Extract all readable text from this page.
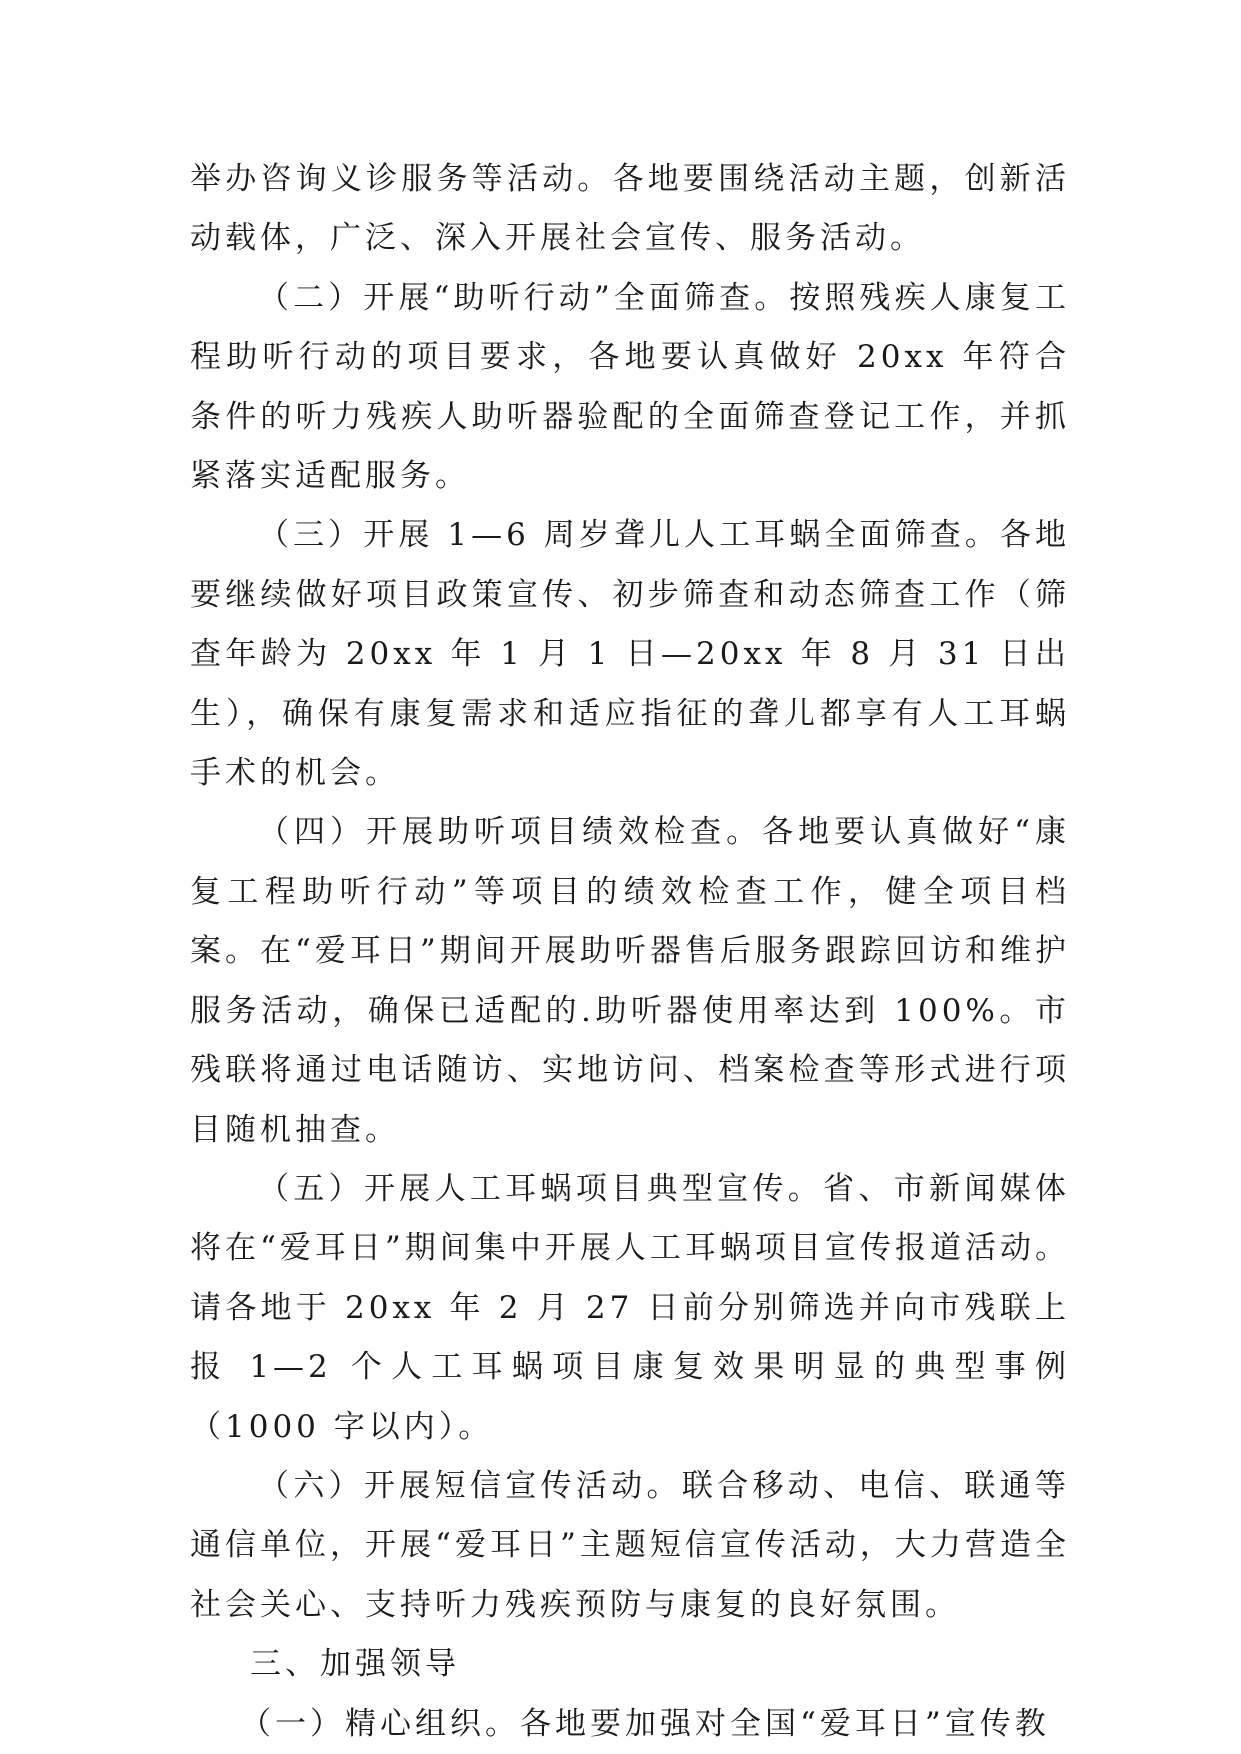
举办咨询义诊服务等活动。各地要围绕活动主题，创新活动载体，广泛、深入开展社会宣传、服务活动。

（二）开展“助听行动”全面筛查。按照残疾人康复工程助听行动的项目要求，各地要认真做好 20xx 年符合条件的听力残疾人助听器验配的全面筛查登记工作，并抓紧落实适配服务。

（三）开展 1—6 周岁聋儿人工耳蜗全面筛查。各地要继续做好项目政策宣传、初步筛查和动态筛查工作（筛查年龄为 20xx 年 1 月 1 日—20xx 年 8 月 31 日出生），确保有康复需求和适应指征的聋儿都享有人工耳蜗手术的机会。

（四）开展助听项目绩效检查。各地要认真做好“康复工程助听行动”等项目的绩效检查工作，健全项目档案。在“爱耳日”期间开展助听器售后服务跟踪回访和维护服务活动，确保已适配的.助听器使用率达到 100%。市残联将通过电话随访、实地访问、档案检查等形式进行项目随机抽查。

（五）开展人工耳蜗项目典型宣传。省、市新闻媒体将在“爱耳日”期间集中开展人工耳蜗项目宣传报道活动。请各地于 20xx 年 2 月 27 日前分别筛选并向市残联上报 1—2 个人工耳蜗项目康复效果明显的典型事例（1000 字以内）。

（六）开展短信宣传活动。联合移动、电信、联通等通信单位，开展“爱耳日”主题短信宣传活动，大力营造全社会关心、支持听力残疾预防与康复的良好氛围。

三、加强领导

（一）精心组织。各地要加强对全国“爱耳日”宣传教
